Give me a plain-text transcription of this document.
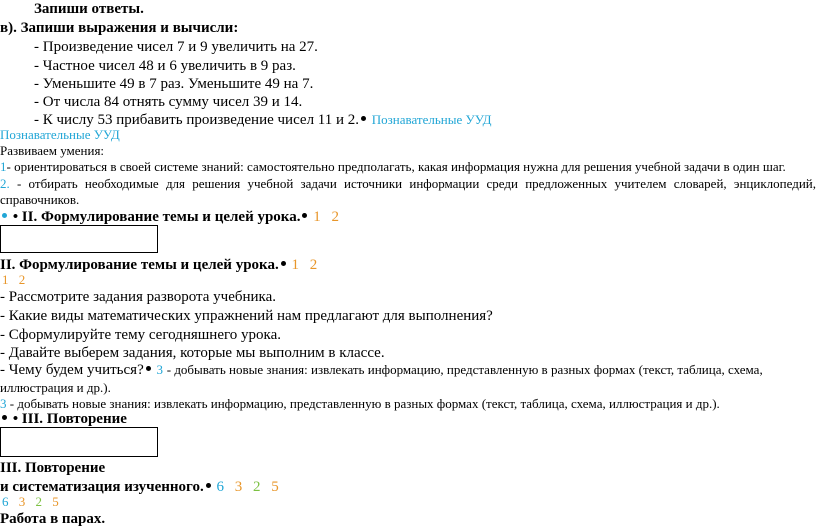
Запиши ответы.
в). Запиши выражения и вычисли:
- Произведение чисел 7 и 9 увеличить на 27.
- Частное чисел 48 и 6 увеличить в 9 раз.
- Уменьшите 49 в 7 раз. Уменьшите 49 на 7.
- От числа 84 отнять сумму чисел 39 и 14.
- К числу 53 прибавить произведение чисел 11 и 2. Познавательные УУД
Познавательные УУД
Развиваем умения:
1- ориентироваться в своей системе знаний: самостоятельно предполагать, какая информация нужна для решения учебной задачи в один шаг.
2. - отбирать необходимые для решения учебной задачи источники информации среди предложенных учителем словарей, энциклопедий, справочников.
• II. Формулирование темы и целей урока. 1 2
II. Формулирование темы и целей урока. 1 2
1 2
- Рассмотрите задания разворота учебника.
- Какие виды математических упражнений нам предлагают для выполнения?
- Сформулируйте тему сегодняшнего урока.
- Давайте выберем задания, которые мы выполним в классе.
- Чему будем учиться? 3 - добывать новые знания: извлекать информацию, представленную в разных формах (текст, таблица, схема, иллюстрация и др.).
3 - добывать новые знания: извлекать информацию, представленную в разных формах (текст, таблица, схема, иллюстрация и др.).
• III. Повторение
III. Повторение
и систематизация изученного. 6 3 2 5
6 3 2 5
Работа в парах.
